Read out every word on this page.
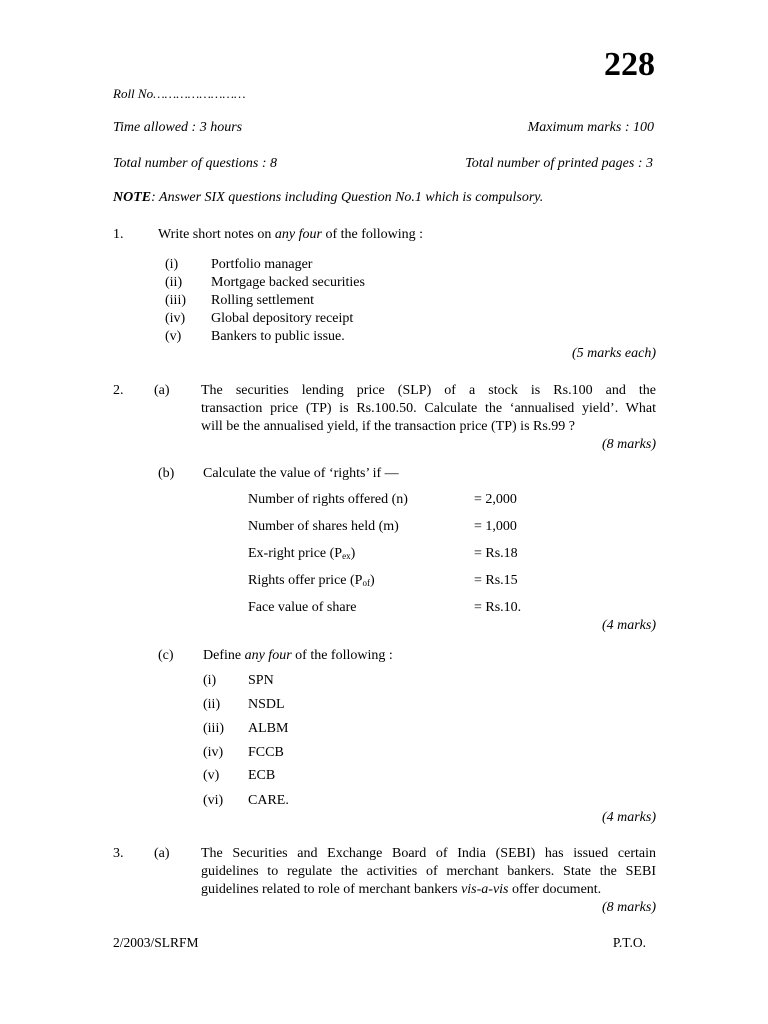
228
Roll No……………………
Time allowed : 3 hours	Maximum marks : 100
Total number of questions : 8	Total number of printed pages : 3
NOTE: Answer SIX questions including Question No.1 which is compulsory.
1. Write short notes on any four of the following :
(i) Portfolio manager
(ii) Mortgage backed securities
(iii) Rolling settlement
(iv) Global depository receipt
(v) Bankers to public issue.
(5 marks each)
2. (a) The securities lending price (SLP) of a stock is Rs.100 and the
transaction price (TP) is Rs.100.50. Calculate the ‘annualised yield’. What
will be the annualised yield, if the transaction price (TP) is Rs.99 ?
(8 marks)
(b) Calculate the value of ‘rights’ if —
Number of rights offered (n)	= 2,000
Number of shares held (m)	= 1,000
Ex-right price $(P_{ex})$	= Rs.18
Rights offer price $(P_{of})$	= Rs.15
Face value of share	= Rs.10.
(4 marks)
(c) Define any four of the following :
(i) SPN
(ii) NSDL
(iii) ALBM
(iv) FCCB
(v) ECB
(vi) CARE.
(4 marks)
3. (a) The Securities and Exchange Board of India (SEBI) has issued certain
guidelines to regulate the activities of merchant bankers. State the SEBI
guidelines related to role of merchant bankers vis-a-vis offer document.
(8 marks)
2/2003/SLRFM	P.T.O.
